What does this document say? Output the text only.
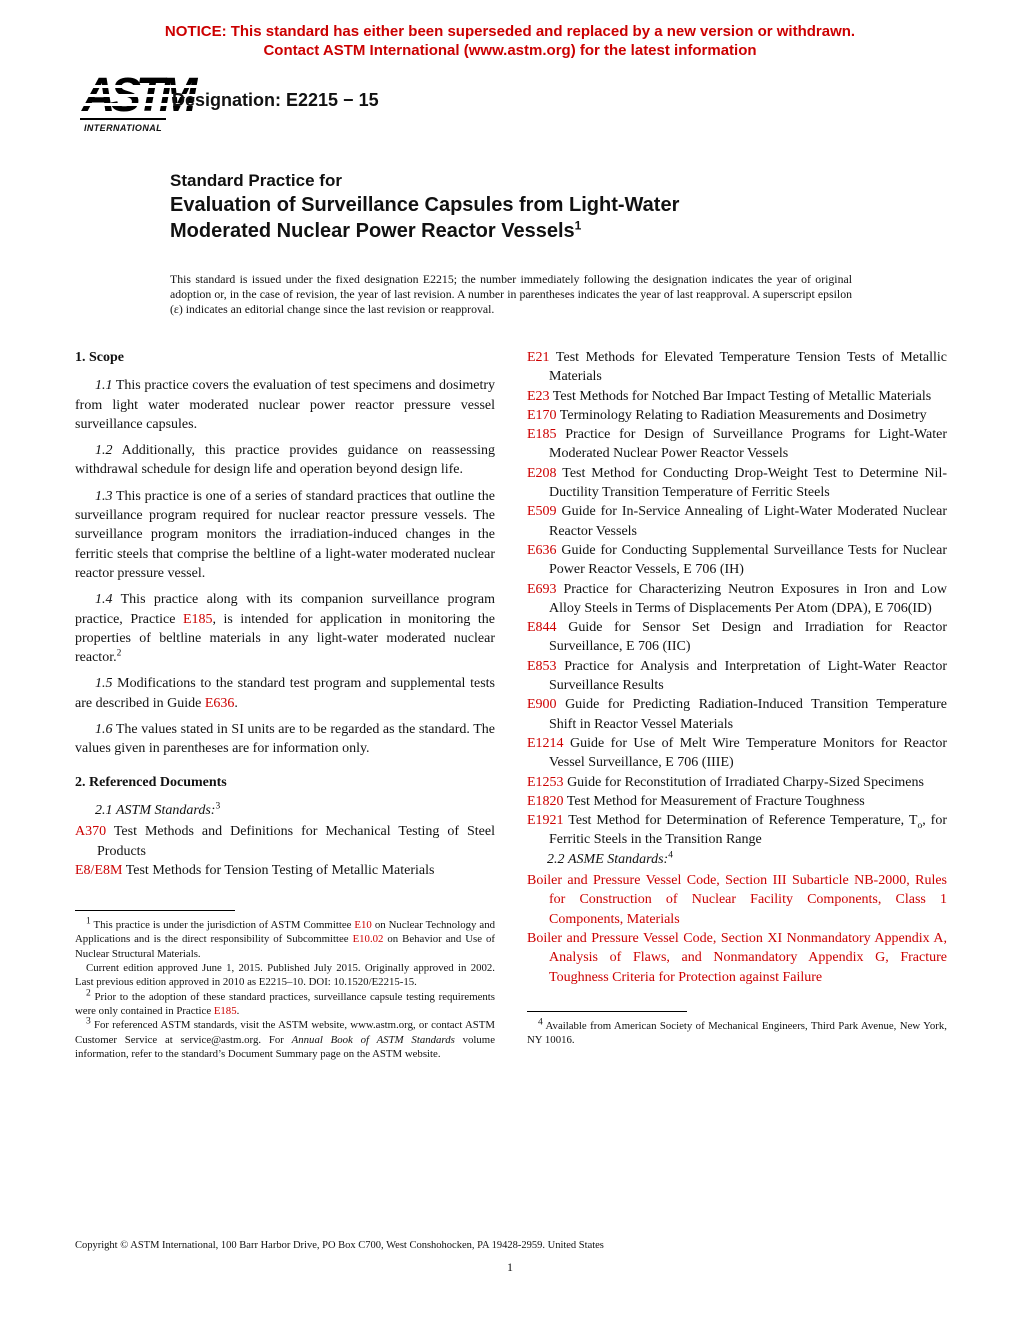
NOTICE: This standard has either been superseded and replaced by a new version or withdrawn.
Contact ASTM International (www.astm.org) for the latest information
INTERNATIONAL
Designation: E2215 − 15
Standard Practice for
Evaluation of Surveillance Capsules from Light-Water
Moderated Nuclear Power Reactor Vessels$^1$

This standard is issued under the fixed designation E2215; the number immediately following the designation indicates the year of original adoption or, in the case of revision, the year of last revision. A number in parentheses indicates the year of last reapproval. A superscript epsilon (ε) indicates an editorial change since the last revision or reapproval.

1. Scope

1.1 This practice covers the evaluation of test specimens and dosimetry from light water moderated nuclear power reactor pressure vessel surveillance capsules.

1.2 Additionally, this practice provides guidance on reassessing withdrawal schedule for design life and operation beyond design life.

1.3 This practice is one of a series of standard practices that outline the surveillance program required for nuclear reactor pressure vessels. The surveillance program monitors the irradiation-induced changes in the ferritic steels that comprise the beltline of a light-water moderated nuclear reactor pressure vessel.

1.4 This practice along with its companion surveillance program practice, Practice E185, is intended for application in monitoring the properties of beltline materials in any light-water moderated nuclear reactor.$^2$

1.5 Modifications to the standard test program and supplemental tests are described in Guide E636.

1.6 The values stated in SI units are to be regarded as the standard. The values given in parentheses are for information only.

2. Referenced Documents

2.1 ASTM Standards:$^3$

A370 Test Methods and Definitions for Mechanical Testing of Steel Products

E8/E8M Test Methods for Tension Testing of Metallic Materials

$^1$ This practice is under the jurisdiction of ASTM Committee E10 on Nuclear Technology and Applications and is the direct responsibility of Subcommittee E10.02 on Behavior and Use of Nuclear Structural Materials.

Current edition approved June 1, 2015. Published July 2015. Originally approved in 2002. Last previous edition approved in 2010 as E2215–10. DOI: 10.1520/E2215-15.

$^2$ Prior to the adoption of these standard practices, surveillance capsule testing requirements were only contained in Practice E185.

$^3$ For referenced ASTM standards, visit the ASTM website, www.astm.org, or contact ASTM Customer Service at service@astm.org. For Annual Book of ASTM Standards volume information, refer to the standard’s Document Summary page on the ASTM website.

E21 Test Methods for Elevated Temperature Tension Tests of Metallic Materials

E23 Test Methods for Notched Bar Impact Testing of Metallic Materials

E170 Terminology Relating to Radiation Measurements and Dosimetry

E185 Practice for Design of Surveillance Programs for Light-Water Moderated Nuclear Power Reactor Vessels

E208 Test Method for Conducting Drop-Weight Test to Determine Nil-Ductility Transition Temperature of Ferritic Steels

E509 Guide for In-Service Annealing of Light-Water Moderated Nuclear Reactor Vessels

E636 Guide for Conducting Supplemental Surveillance Tests for Nuclear Power Reactor Vessels, E 706 (IH)

E693 Practice for Characterizing Neutron Exposures in Iron and Low Alloy Steels in Terms of Displacements Per Atom (DPA), E 706(ID)

E844 Guide for Sensor Set Design and Irradiation for Reactor Surveillance, E 706 (IIC)

E853 Practice for Analysis and Interpretation of Light-Water Reactor Surveillance Results

E900 Guide for Predicting Radiation-Induced Transition Temperature Shift in Reactor Vessel Materials

E1214 Guide for Use of Melt Wire Temperature Monitors for Reactor Vessel Surveillance, E 706 (IIIE)

E1253 Guide for Reconstitution of Irradiated Charpy-Sized Specimens

E1820 Test Method for Measurement of Fracture Toughness

E1921 Test Method for Determination of Reference Temperature, $T_o$, for Ferritic Steels in the Transition Range

2.2 ASME Standards:$^4$

Boiler and Pressure Vessel Code, Section III Subarticle NB-2000, Rules for Construction of Nuclear Facility Components, Class 1 Components, Materials

Boiler and Pressure Vessel Code, Section XI Nonmandatory Appendix A, Analysis of Flaws, and Nonmandatory Appendix G, Fracture Toughness Criteria for Protection against Failure

$^4$ Available from American Society of Mechanical Engineers, Third Park Avenue, New York, NY 10016.

Copyright © ASTM International, 100 Barr Harbor Drive, PO Box C700, West Conshohocken, PA 19428-2959. United States
1
